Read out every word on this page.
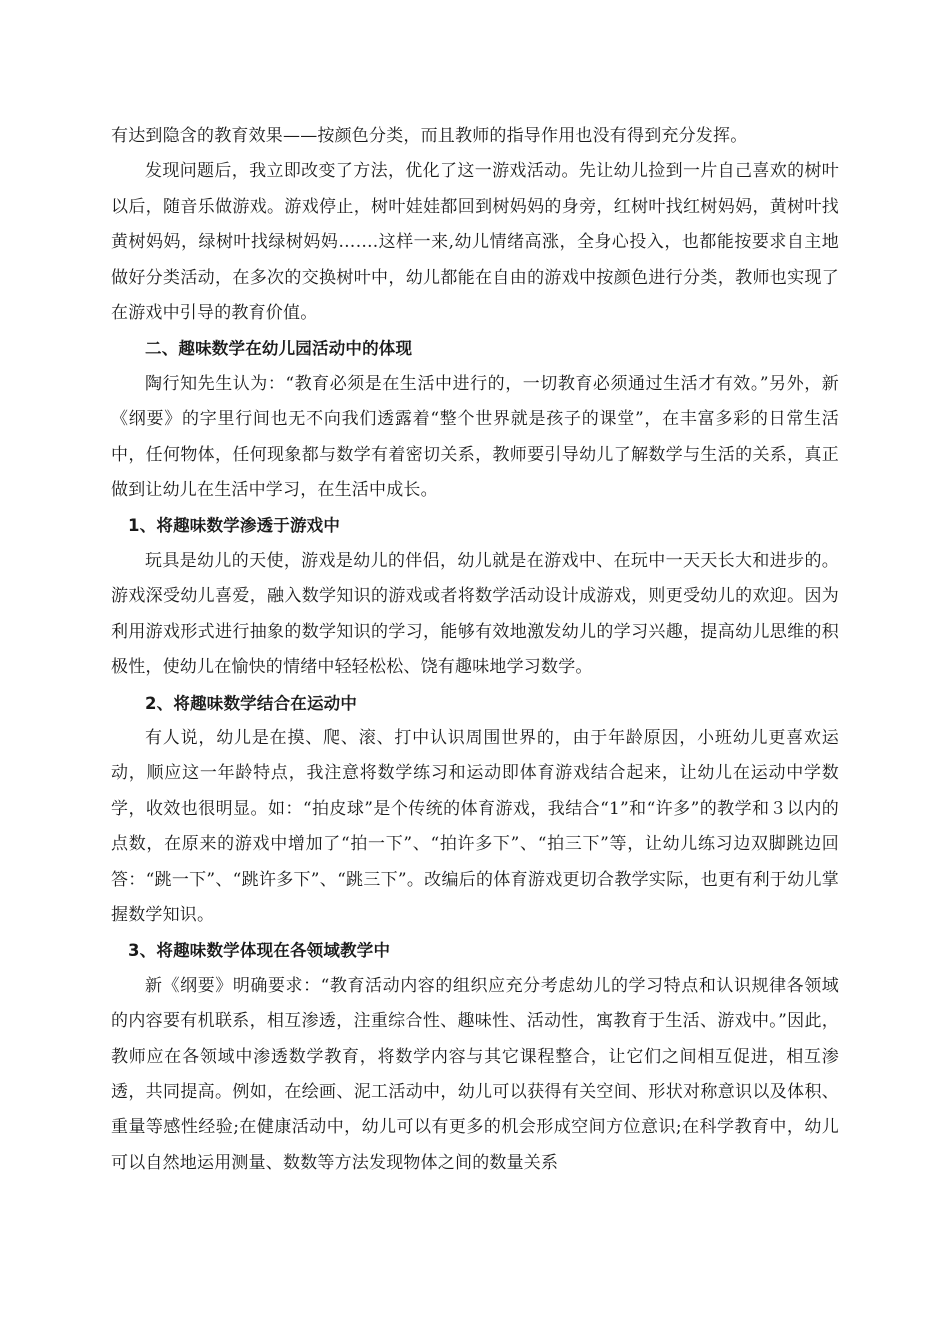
有达到隐含的教育效果——按颜色分类，而且教师的指导作用也没有得到充分发挥。

发现问题后，我立即改变了方法，优化了这一游戏活动。先让幼儿捡到一片自己喜欢的树叶以后，随音乐做游戏。游戏停止，树叶娃娃都回到树妈妈的身旁，红树叶找红树妈妈，黄树叶找黄树妈妈，绿树叶找绿树妈妈…….这样一来,幼儿情绪高涨，全身心投入，也都能按要求自主地做好分类活动，在多次的交换树叶中，幼儿都能在自由的游戏中按颜色进行分类，教师也实现了在游戏中引导的教育价值。

二、趣味数学在幼儿园活动中的体现

陶行知先生认为：“教育必须是在生活中进行的，一切教育必须通过生活才有效。”另外，新《纲要》的字里行间也无不向我们透露着“整个世界就是孩子的课堂”，在丰富多彩的日常生活中，任何物体，任何现象都与数学有着密切关系，教师要引导幼儿了解数学与生活的关系，真正做到让幼儿在生活中学习，在生活中成长。

1、将趣味数学渗透于游戏中

玩具是幼儿的天使，游戏是幼儿的伴侣，幼儿就是在游戏中、在玩中一天天长大和进步的。游戏深受幼儿喜爱，融入数学知识的游戏或者将数学活动设计成游戏，则更受幼儿的欢迎。因为利用游戏形式进行抽象的数学知识的学习，能够有效地激发幼儿的学习兴趣，提高幼儿思维的积极性，使幼儿在愉快的情绪中轻轻松松、饶有趣味地学习数学。

2、将趣味数学结合在运动中

有人说，幼儿是在摸、爬、滚、打中认识周围世界的，由于年龄原因，小班幼儿更喜欢运动，顺应这一年龄特点，我注意将数学练习和运动即体育游戏结合起来，让幼儿在运动中学数学，收效也很明显。如：“拍皮球”是个传统的体育游戏，我结合“1”和“许多”的教学和３以内的点数，在原来的游戏中增加了“拍一下”、“拍许多下”、“拍三下”等，让幼儿练习边双脚跳边回答：“跳一下”、“跳许多下”、“跳三下”。改编后的体育游戏更切合教学实际，也更有利于幼儿掌握数学知识。

3、将趣味数学体现在各领域教学中

新《纲要》明确要求：“教育活动内容的组织应充分考虑幼儿的学习特点和认识规律各领域的内容要有机联系，相互渗透，注重综合性、趣味性、活动性，寓教育于生活、游戏中。”因此，教师应在各领域中渗透数学教育，将数学内容与其它课程整合，让它们之间相互促进，相互渗透，共同提高。例如，在绘画、泥工活动中，幼儿可以获得有关空间、形状对称意识以及体积、重量等感性经验;在健康活动中，幼儿可以有更多的机会形成空间方位意识;在科学教育中，幼儿可以自然地运用测量、数数等方法发现物体之间的数量关系
